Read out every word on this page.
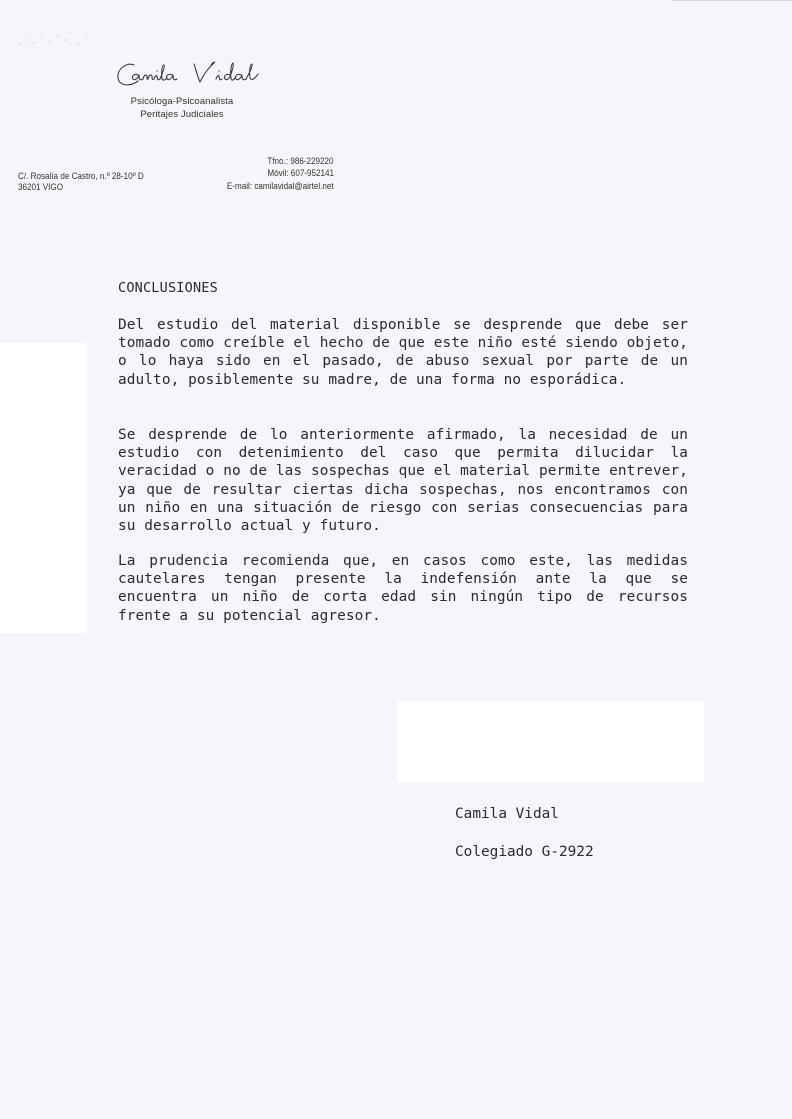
Psicóloga-Psicoanalista
Peritajes Judiciales
C/. Rosalía de Castro, n.º 28-10º D
36201 VIGO
Tfno.: 986-229220
Móvil: 607-952141
E-mail: camilavidal@airtel.net
CONCLUSIONES
Del estudio del material disponible se desprende que debe ser tomado como creíble el hecho de que este niño esté siendo objeto, o lo haya sido en el pasado, de abuso sexual por parte de un adulto, posiblemente su madre, de una forma no esporádica.
Se desprende de lo anteriormente afirmado, la necesidad de un estudio con detenimiento del caso que permita dilucidar la veracidad o no de las sospechas que el material permite entrever, ya que de resultar ciertas dicha sospechas, nos encontramos con un niño en una situación de riesgo con serias consecuencias para su desarrollo actual y futuro.
La prudencia recomienda que, en casos como este, las medidas cautelares tengan presente la indefensión ante la que se encuentra un niño de corta edad sin ningún tipo de recursos frente a su potencial agresor.
Camila Vidal
Colegiado G-2922
